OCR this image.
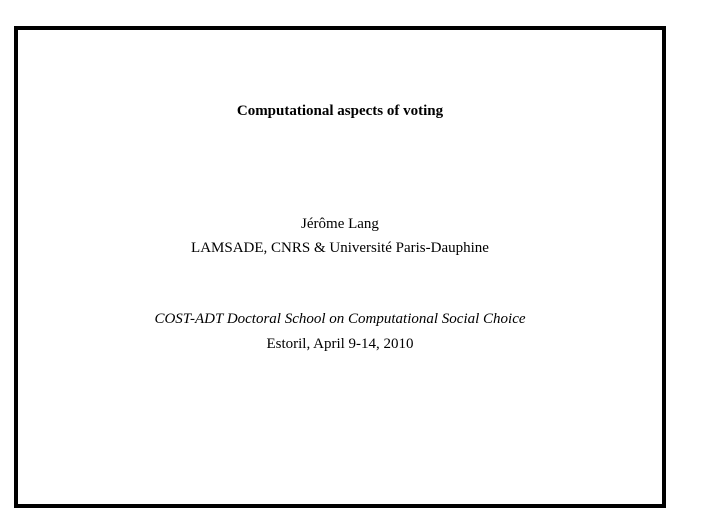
Computational aspects of voting
Jérôme Lang
LAMSADE, CNRS & Université Paris-Dauphine
COST-ADT Doctoral School on Computational Social Choice
Estoril, April 9-14, 2010
